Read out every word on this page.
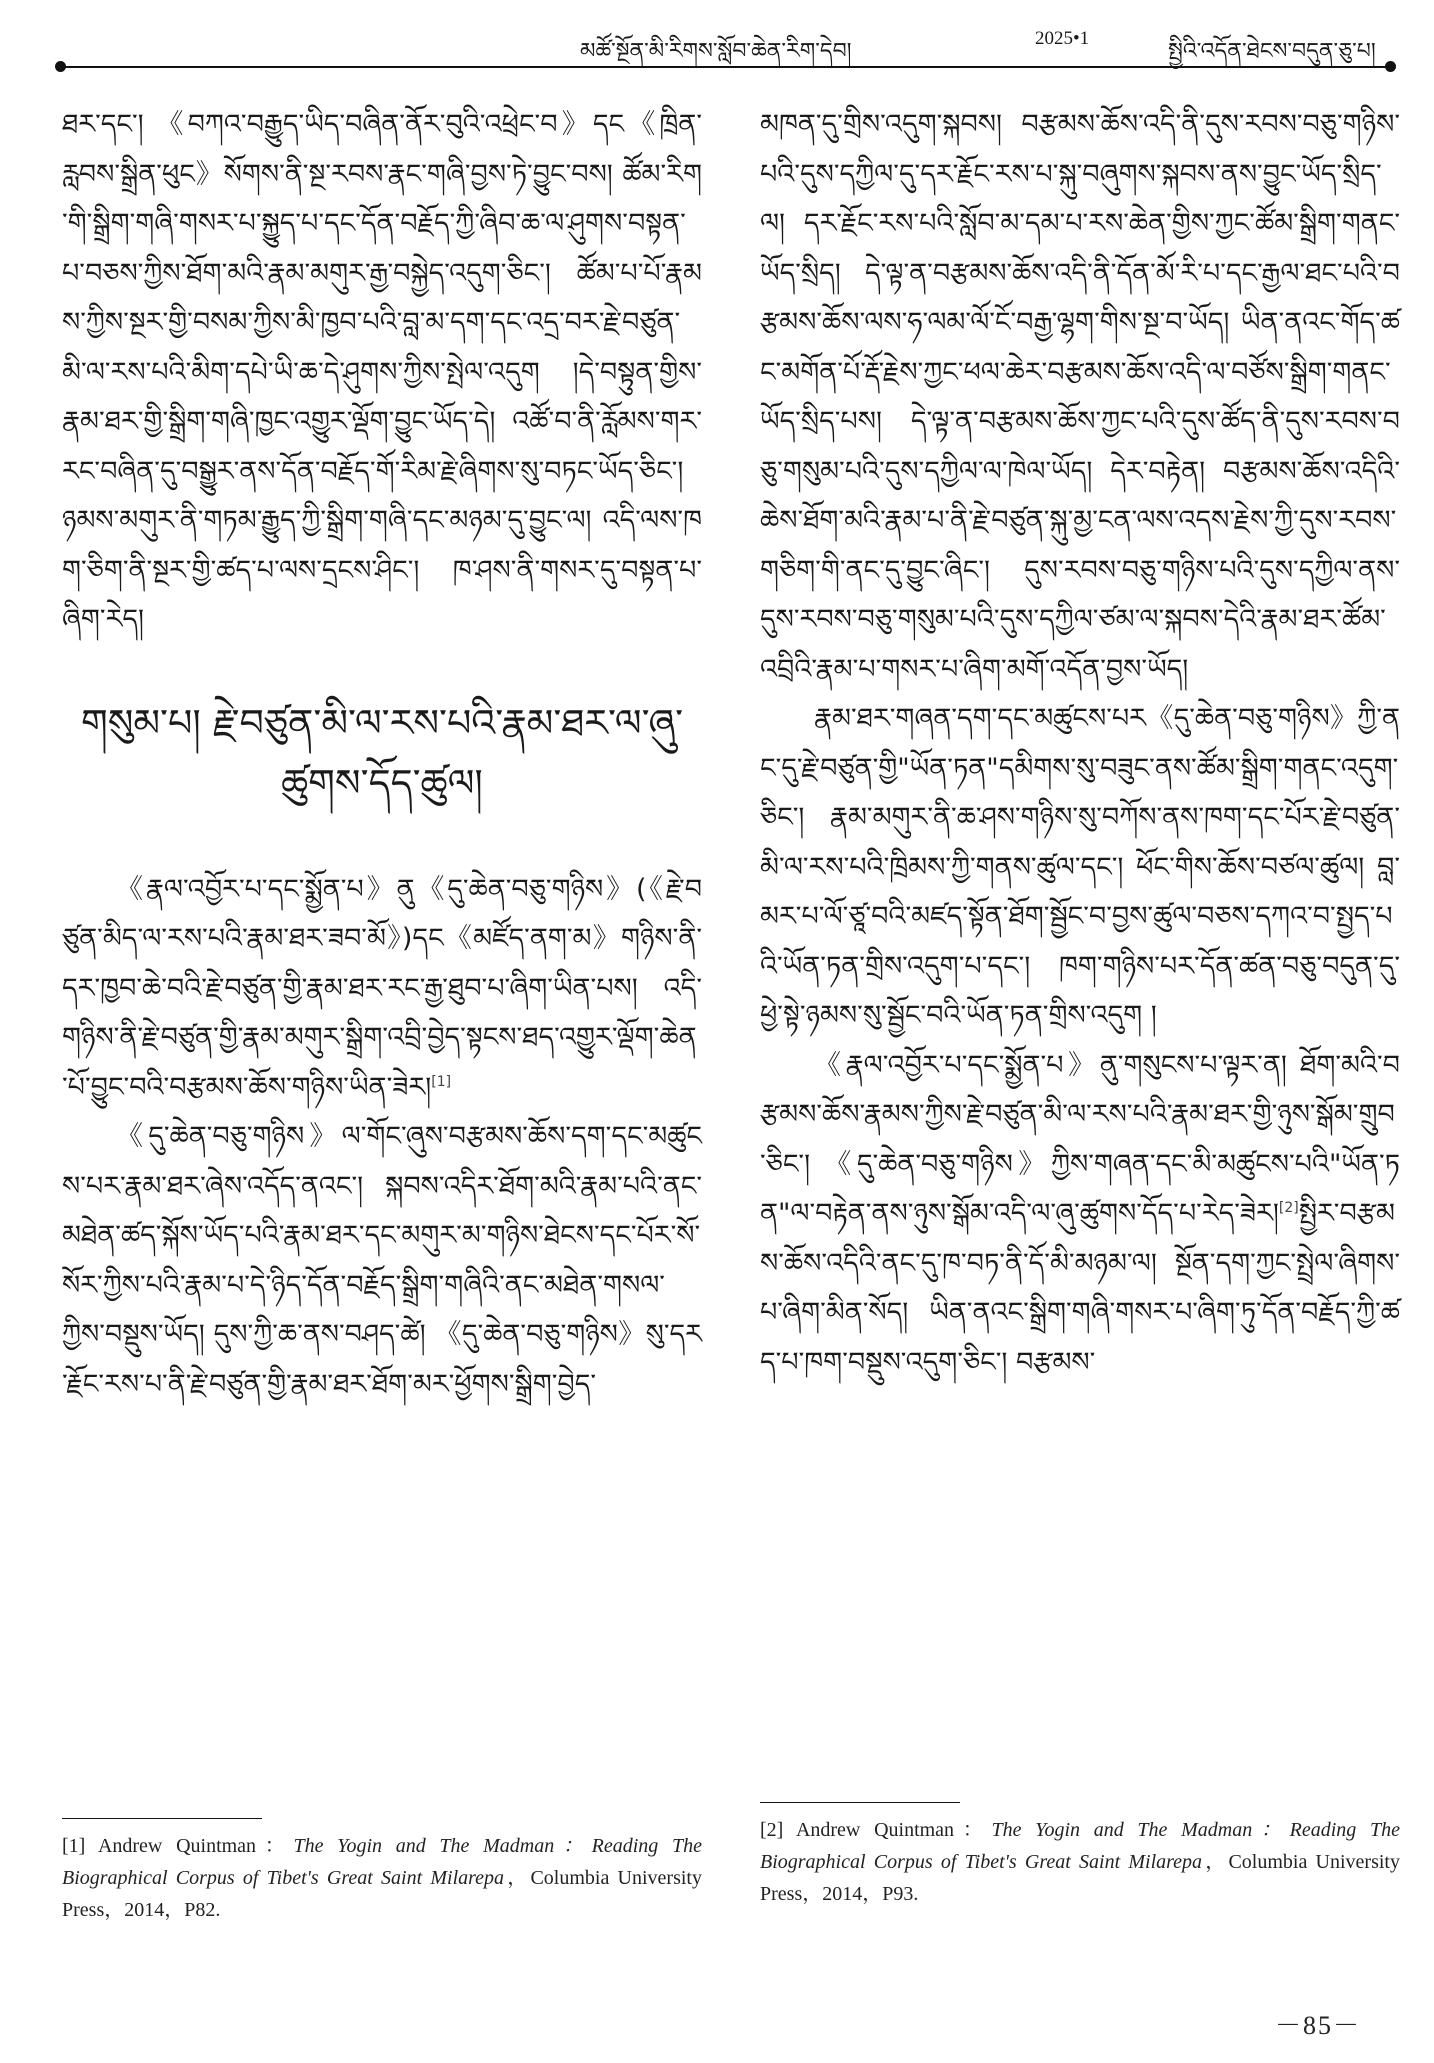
མཚོ་སྔོན་མི་རིགས་སློབ་ཆེན་རིག་དེབ།
2025•1
སྤྱིའི་འདོན་ཐེངས་བདུན་ཅུ་པ།

ཐར་དང་། 《བཀའ་བརྒྱུད་ཡིད་བཞིན་ནོར་བུའི་འཕྲེང་བ》དང《ཁྲིན་རླབས་སྒྲིན་ཕུང》སོགས་ནི་སྔ་རབས་རྣང་གཞི་བྱས་ཏེ་བྱུང་བས། ཚོམ་རིག་གི་སྒྲིག་གཞི་གསར་པ་སྐྱུད་པ་དང་དོན་བརྗོད་ཀྱི་ཞིབ་ཆ་ལ་ཤུགས་བསྟན་པ་བཅས་ཀྱིས་ཐོག་མའི་རྣམ་མགུར་རྒྱ་བསྐྱེད་འདུག་ཅིང་། ཚོམ་པ་པོ་རྣམས་ཀྱིས་སྔར་གྱི་བསམ་ཀྱིས་མི་ཁྱབ་པའི་བླ་མ་དག་དང་འདྲ་བར་རྗེ་བཙུན་མི་ལ་རས་པའི་མིག་དཔེ་ཡི་ཆ་དེ་ཤུགས་ཀྱིས་སྤེལ་འདུག །དེ་བསྟུན་གྱིས་རྣམ་ཐར་གྱི་སྒྲིག་གཞི་ཁྱང་འགྱུར་ལྡོག་བྱུང་ཡོད་དེ། འཚོ་བ་ནི་རློམས་གར་རང་བཞིན་དུ་བསྒྱུར་ནས་དོན་བརྗོད་གོ་རིམ་རྗེ་ཞིགས་སུ་བཏང་ཡོད་ཅིང་། ཉམས་མགུར་ནི་གཏམ་རྒྱུད་ཀྱི་སྒྲིག་གཞི་དང་མཉམ་དུ་བྱུང་ལ། འདི་ལས་ཁག་ཅིག་ནི་སྔར་གྱི་ཚད་པ་ལས་དྲངས་ཤིང་། ཁ་ཤས་ནི་གསར་དུ་བསྟན་པ་ཞིག་རེད།

གསུམ་པ། རྗེ་བཙུན་མི་ལ་རས་པའི་རྣམ་ཐར་ལ་ཞུ་ཚུགས་དོད་ཚུལ།

《རྣལ་འབྱོར་པ་དང་སྨྱོན་པ》ནུ《དུ་ཆེན་བཅུ་གཉིས》(《རྗེ་བཙུན་མིད་ལ་རས་པའི་རྣམ་ཐར་ཟབ་མོ》)དང《མཛོད་ནག་མ》གཉིས་ནི་དར་ཁྱབ་ཆེ་བའི་རྗེ་བཙུན་གྱི་རྣམ་ཐར་རང་རྒྱ་ཐུབ་པ་ཞིག་ཡིན་པས། འདི་གཉིས་ནི་རྗེ་བཙུན་གྱི་རྣམ་མགུར་སྒྲིག་འབྲི་བྱེད་སྟངས་ཐད་འགྱུར་ལྡོག་ཆེན་པོ་བྱུང་བའི་བརྩམས་ཆོས་གཉིས་ཡིན་ཟེར།[1]

《དུ་ཆེན་བཅུ་གཉིས》ལ་གོང་ཞུས་བརྩམས་ཆོས་དག་དང་མཚུངས་པར་རྣམ་ཐར་ཞེས་འདོད་ནའང་། སྐབས་འདིར་ཐོག་མའི་རྣམ་པའི་ནང་མཐེན་ཚད་སྐོས་ཡོད་པའི་རྣམ་ཐར་དང་མགུར་མ་གཉིས་ཐེངས་དང་པོར་སོ་སོར་ཀྱིས་པའི་རྣམ་པ་དེ་ཉིད་དོན་བརྗོད་སྒྲིག་གཞིའི་ནང་མཐེན་གསལ་ཀྱིས་བསྡུས་ཡོད། དུས་ཀྱི་ཆ་ནས་བཤད་ཚེ། 《དུ་ཆེན་བཅུ་གཉིས》སུ་དར་རྗོང་རས་པ་ནི་རྗེ་བཙུན་གྱི་རྣམ་ཐར་ཐོག་མར་ཕྱོགས་སྒྲིག་བྱེད་

མཁན་དུ་གྲིས་འདུག་སྐབས། བརྩམས་ཆོས་འདི་ནི་དུས་རབས་བཅུ་གཉིས་པའི་དུས་དཀྱིལ་དུ་དར་རྗོང་རས་པ་སྐུ་བཞུགས་སྐབས་ནས་བྱུང་ཡོད་སྲིད་ལ། དར་རྗོང་རས་པའི་སློབ་མ་དམ་པ་རས་ཆེན་གྱིས་ཀྱང་ཚོམ་སྒྲིག་གནང་ཡོད་སྲིད། དེ་ལྟ་ན་བརྩམས་ཆོས་འདི་ནི་དོན་མོ་རི་པ་དང་རྒྱལ་ཐང་པའི་བརྩམས་ཆོས་ལས་ཧ་ལམ་ལོ་ངོ་བརྒྱ་ལྷག་གིས་སྔ་བ་ཡོད། ཡིན་ནའང་གོད་ཚང་མགོན་པོ་རྡོ་རྗེས་ཀྱང་ཕལ་ཆེར་བརྩམས་ཆོས་འདི་ལ་བཙོས་སྒྲིག་གནང་ཡོད་སྲིད་པས། དེ་ལྟ་ན་བརྩམས་ཆོས་ཀྱང་པའི་དུས་ཚོད་ནི་དུས་རབས་བཅུ་གསུམ་པའི་དུས་དཀྱིལ་ལ་ཁེལ་ཡོད། དེར་བརྟེན། བརྩམས་ཆོས་འདིའི་ཆེས་ཐོག་མའི་རྣམ་པ་ནི་རྗེ་བཙུན་སྐུ་མྱ་ངན་ལས་འདས་རྗེས་ཀྱི་དུས་རབས་གཅིག་གི་ནང་དུ་བྱུང་ཞིང་། དུས་རབས་བཅུ་གཉིས་པའི་དུས་དཀྱིལ་ནས་དུས་རབས་བཅུ་གསུམ་པའི་དུས་དཀྱིལ་ཙམ་ལ་སྐབས་དེའི་རྣམ་ཐར་ཚོམ་འབྲིའི་རྣམ་པ་གསར་པ་ཞིག་མགོ་འདོན་བྱས་ཡོད།

རྣམ་ཐར་གཞན་དག་དང་མཚུངས་པར《དུ་ཆེན་བཅུ་གཉིས》ཀྱི་ནང་དུ་རྗེ་བཙུན་གྱི"ཡོན་ཏན"དམིགས་སུ་བཟུང་ནས་ཚོམ་སྒྲིག་གནང་འདུག་ཅིང་། རྣམ་མགུར་ནི་ཆ་ཤས་གཉིས་སུ་བཀོས་ནས་ཁག་དང་པོར་རྗེ་བཙུན་མི་ལ་རས་པའི་ཁྲིམས་ཀྱི་གནས་ཚུལ་དང་། ཕོང་གིས་ཆོས་བཙལ་ཚུལ། བླ་མར་པ་ལོ་ཙཱ་བའི་མཛད་སྟོན་ཐོག་སྦྱོང་བ་བྱས་ཚུལ་བཅས་དཀའ་བ་སྤྱད་པའི་ཡོན་ཏན་གྲིས་འདུག་པ་དང་། ཁག་གཉིས་པར་དོན་ཚན་བཅུ་བདུན་དུ་ཕྱེ་སྟེ་ཉམས་སུ་སྦྱོང་བའི་ཡོན་ཏན་གྲིས་འདུག །

《རྣལ་འབྱོར་པ་དང་སྨྱོན་པ》ནུ་གསུངས་པ་ལྟར་ན། ཐོག་མའི་བརྩམས་ཆོས་རྣམས་ཀྱིས་རྗེ་བཙུན་མི་ལ་རས་པའི་རྣམ་ཐར་གྱི་ཉུས་སྒོམ་གྲུབ་ཅིང་། 《དུ་ཆེན་བཅུ་གཉིས》ཀྱིས་གཞན་དང་མི་མཚུངས་པའི"ཡོན་ཏན"ལ་བརྟེན་ནས་ཉུས་སྒོམ་འདི་ལ་ཞུ་ཚུགས་དོད་པ་རེད་ཟེར།[2]སྤྱིར་བརྩམས་ཆོས་འདིའི་ནང་དུ་ཁ་བཏ་ནི་དོ་མི་མཉམ་ལ། སྔོན་དག་ཀྱང་སྤྲེལ་ཞིགས་པ་ཞིག་མིན་སོད། ཡིན་ནའང་སྒྲིག་གཞི་གསར་པ་ཞིག་ཏུ་དོན་བརྗོད་ཀྱི་ཚད་པ་ཁག་བསྡུས་འདུག་ཅིང་། བརྩམས་

[1] Andrew Quintman：The Yogin and The Madman：Reading The Biographical Corpus of Tibet's Great Saint Milarepa，Columbia University Press，2014，P82.
[2] Andrew Quintman：The Yogin and The Madman：Reading The Biographical Corpus of Tibet's Great Saint Milarepa，Columbia University Press，2014，P93.
－85－
